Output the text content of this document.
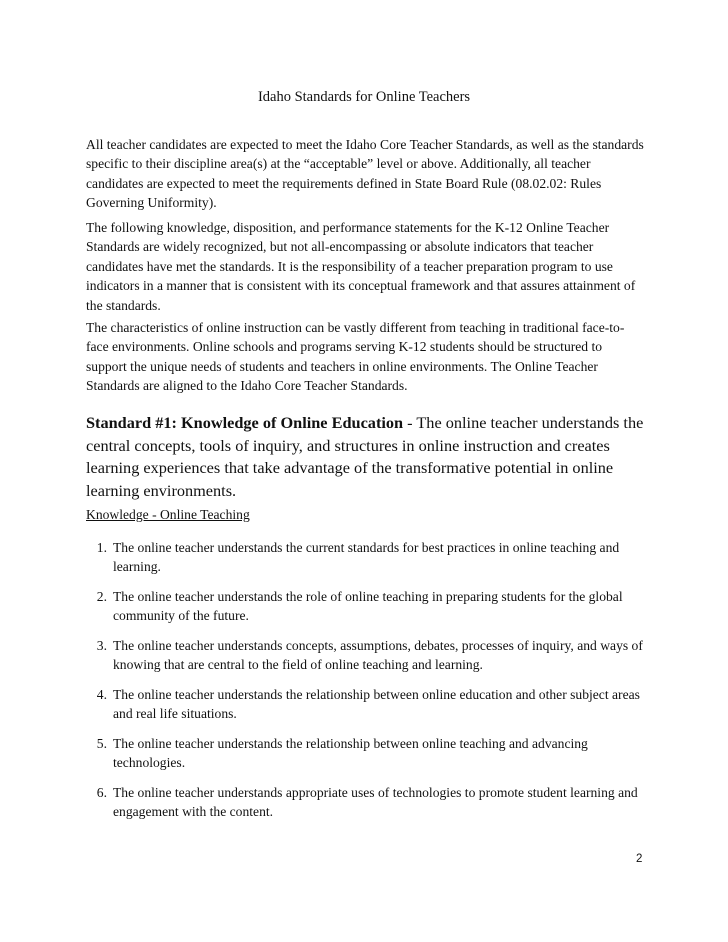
Idaho Standards for Online Teachers
All teacher candidates are expected to meet the Idaho Core Teacher Standards, as well as the standards specific to their discipline area(s) at the “acceptable” level or above. Additionally, all teacher candidates are expected to meet the requirements defined in State Board Rule (08.02.02: Rules Governing Uniformity).
The following knowledge, disposition, and performance statements for the K-12 Online Teacher Standards are widely recognized, but not all-encompassing or absolute indicators that teacher candidates have met the standards. It is the responsibility of a teacher preparation program to use indicators in a manner that is consistent with its conceptual framework and that assures attainment of the standards.
The characteristics of online instruction can be vastly different from teaching in traditional face-to-face environments. Online schools and programs serving K-12 students should be structured to support the unique needs of students and teachers in online environments. The Online Teacher Standards are aligned to the Idaho Core Teacher Standards.
Standard #1: Knowledge of Online Education - The online teacher understands the central concepts, tools of inquiry, and structures in online instruction and creates learning experiences that take advantage of the transformative potential in online learning environments.
Knowledge - Online Teaching
1. The online teacher understands the current standards for best practices in online teaching and learning.
2. The online teacher understands the role of online teaching in preparing students for the global community of the future.
3. The online teacher understands concepts, assumptions, debates, processes of inquiry, and ways of knowing that are central to the field of online teaching and learning.
4. The online teacher understands the relationship between online education and other subject areas and real life situations.
5. The online teacher understands the relationship between online teaching and advancing technologies.
6. The online teacher understands appropriate uses of technologies to promote student learning and engagement with the content.
2
